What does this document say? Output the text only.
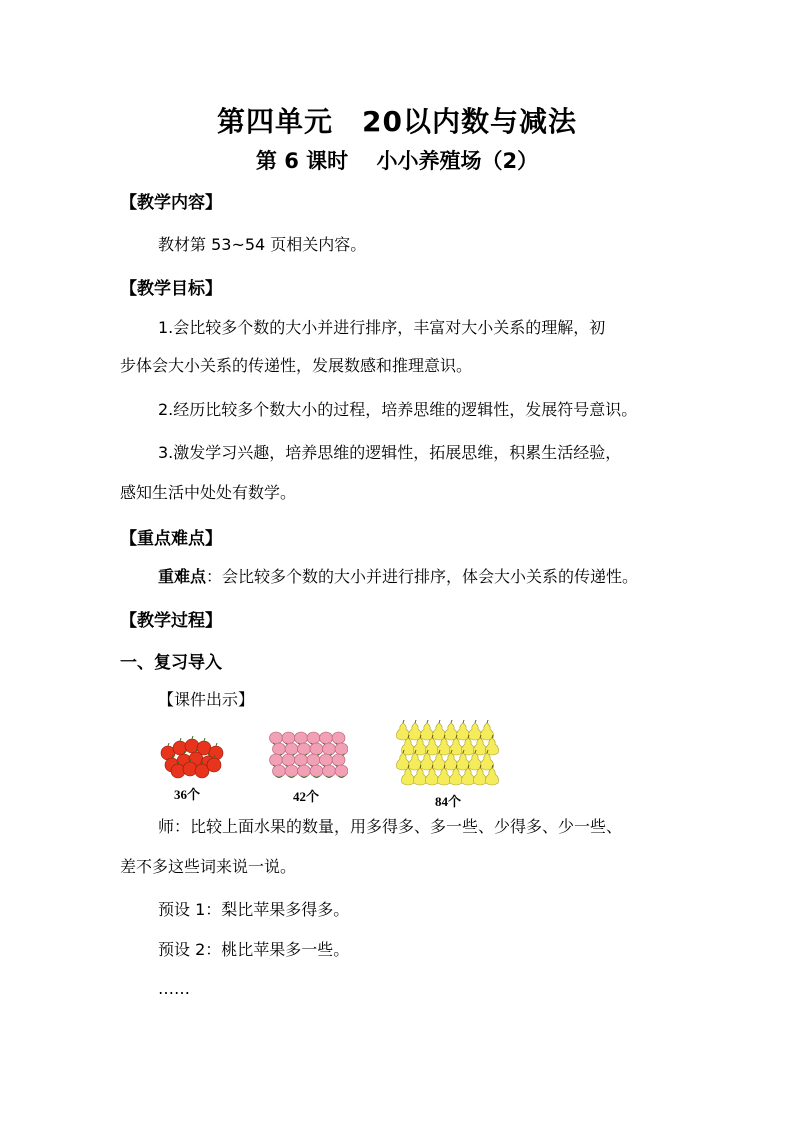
第四单元　20以内数与减法
第 6 课时　 小小养殖场（2）
【教学内容】
教材第 53~54 页相关内容。
【教学目标】
1.会比较多个数的大小并进行排序，丰富对大小关系的理解，初
步体会大小关系的传递性，发展数感和推理意识。
2.经历比较多个数大小的过程，培养思维的逻辑性，发展符号意识。
3.激发学习兴趣，培养思维的逻辑性，拓展思维，积累生活经验，
感知生活中处处有数学。
【重点难点】
重难点：会比较多个数的大小并进行排序，体会大小关系的传递性。
【教学过程】
一、复习导入
【课件出示】
36个	42个	84个
师：比较上面水果的数量，用多得多、多一些、少得多、少一些、
差不多这些词来说一说。
预设 1：梨比苹果多得多。
预设 2：桃比苹果多一些。
……
